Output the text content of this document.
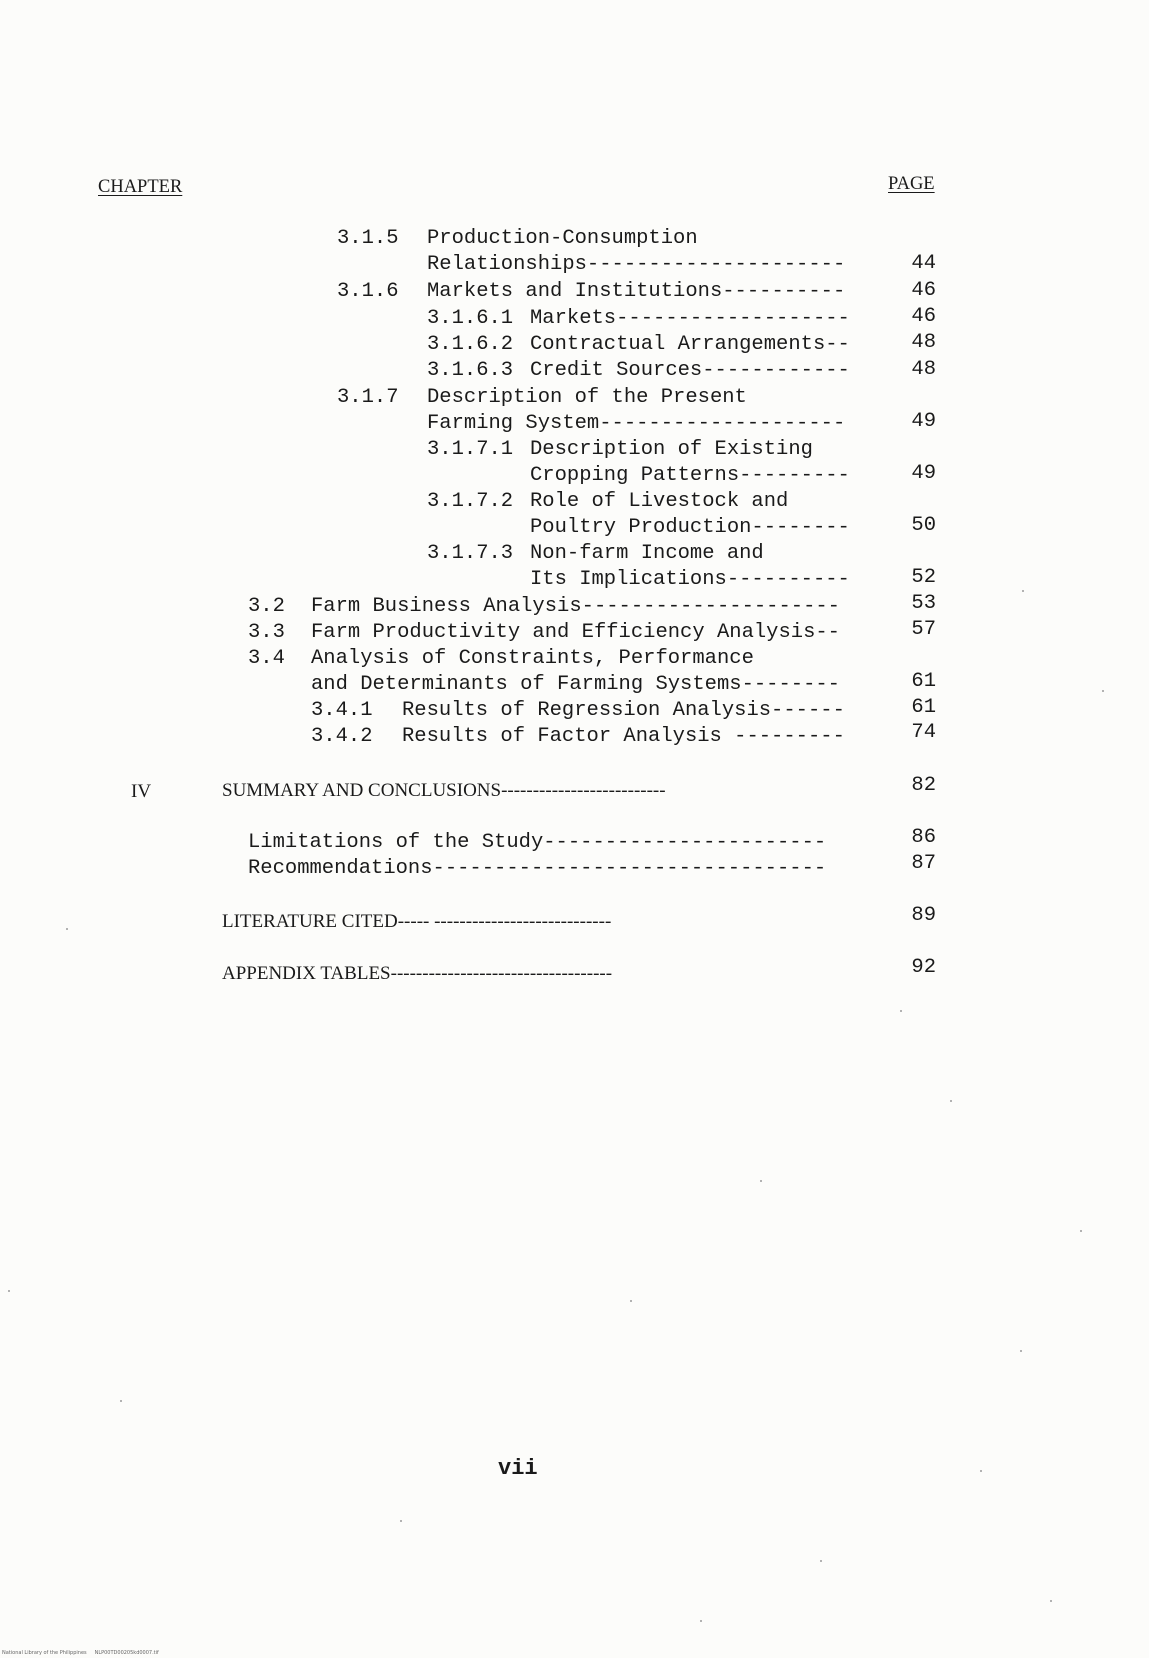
CHAPTER	PAGE
3.1.5 Production-Consumption
Relationships---------------------	44
3.1.6 Markets and Institutions----------	46
3.1.6.1 Markets-------------------	46
3.1.6.2 Contractual Arrangements--	48
3.1.6.3 Credit Sources------------	48
3.1.7 Description of the Present
Farming System--------------------	49
3.1.7.1 Description of Existing
Cropping Patterns---------	49
3.1.7.2 Role of Livestock and
Poultry Production--------	50
3.1.7.3 Non-farm Income and
Its Implications----------	52
3.2 Farm Business Analysis---------------------	53
3.3 Farm Productivity and Efficiency Analysis--	57
3.4 Analysis of Constraints, Performance
and Determinants of Farming Systems--------	61
3.4.1 Results of Regression Analysis------	61
3.4.2 Results of Factor Analysis ---------	74
IV	SUMMARY AND CONCLUSIONS--------------------------	82
Limitations of the Study-----------------------	86
Recommendations--------------------------------	87
LITERATURE CITED----- ----------------------------	89
APPENDIX TABLES-----------------------------------	92
vii
National Library of the Philippines     NLP00TD00205kd0007.tif
